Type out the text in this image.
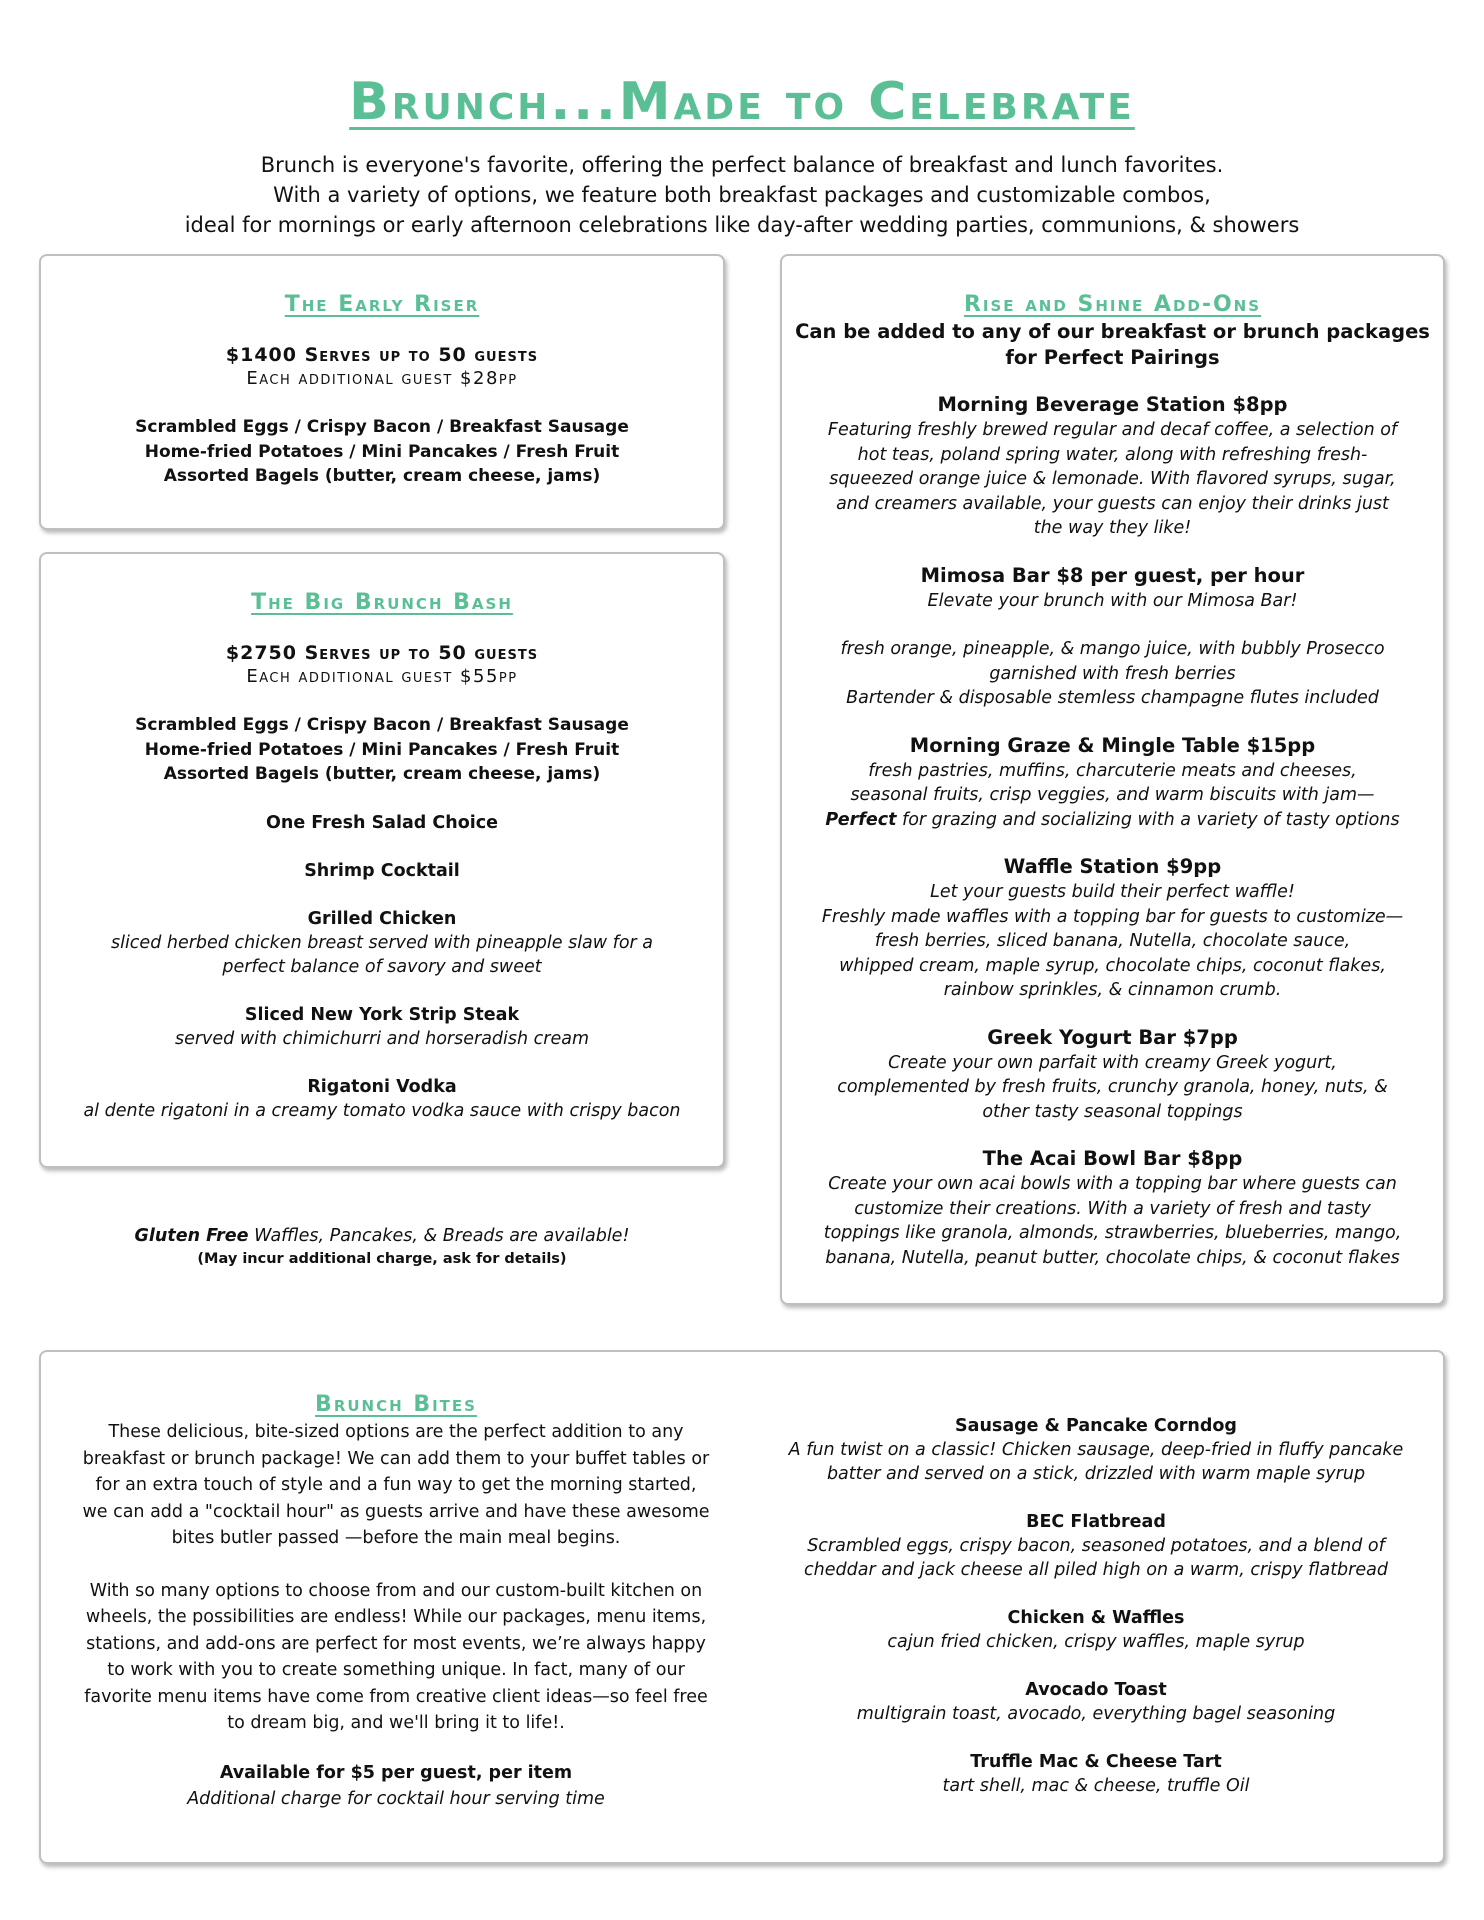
Brunch...Made to Celebrate
Brunch is everyone's favorite, offering the perfect balance of breakfast and lunch favorites.
With a variety of options, we feature both breakfast packages and customizable combos,
ideal for mornings or early afternoon celebrations like day-after wedding parties, communions, & showers
The Early Riser
$1400 Serves up to 50 guests
Each additional guest $28pp
Scrambled Eggs / Crispy Bacon / Breakfast Sausage
Home-fried Potatoes / Mini Pancakes / Fresh Fruit
Assorted Bagels (butter, cream cheese, jams)
The Big Brunch Bash
$2750 Serves up to 50 guests
Each additional guest $55pp
Scrambled Eggs / Crispy Bacon / Breakfast Sausage
Home-fried Potatoes / Mini Pancakes / Fresh Fruit
Assorted Bagels (butter, cream cheese, jams)
One Fresh Salad Choice
Shrimp Cocktail
Grilled Chicken
sliced herbed chicken breast served with pineapple slaw for a
perfect balance of savory and sweet
Sliced New York Strip Steak
served with chimichurri and horseradish cream
Rigatoni Vodka
al dente rigatoni in a creamy tomato vodka sauce with crispy bacon
Gluten Free Waffles, Pancakes, & Breads are available!
(May incur additional charge, ask for details)
Rise and Shine Add-Ons
Can be added to any of our breakfast or brunch packages
for Perfect Pairings
Morning Beverage Station $8pp
Featuring freshly brewed regular and decaf coffee, a selection of
hot teas, poland spring water, along with refreshing fresh-
squeezed orange juice & lemonade. With flavored syrups, sugar,
and creamers available, your guests can enjoy their drinks just
the way they like!
Mimosa Bar $8 per guest, per hour
Elevate your brunch with our Mimosa Bar!
fresh orange, pineapple, & mango juice, with bubbly Prosecco
garnished with fresh berries
Bartender & disposable stemless champagne flutes included
Morning Graze & Mingle Table $15pp
fresh pastries, muffins, charcuterie meats and cheeses,
seasonal fruits, crisp veggies, and warm biscuits with jam—
Perfect for grazing and socializing with a variety of tasty options
Waffle Station $9pp
Let your guests build their perfect waffle!
Freshly made waffles with a topping bar for guests to customize—
fresh berries, sliced banana, Nutella, chocolate sauce,
whipped cream, maple syrup, chocolate chips, coconut flakes,
rainbow sprinkles, & cinnamon crumb.
Greek Yogurt Bar $7pp
Create your own parfait with creamy Greek yogurt,
complemented by fresh fruits, crunchy granola, honey, nuts, &
other tasty seasonal toppings
The Acai Bowl Bar $8pp
Create your own acai bowls with a topping bar where guests can
customize their creations. With a variety of fresh and tasty
toppings like granola, almonds, strawberries, blueberries, mango,
banana, Nutella, peanut butter, chocolate chips, & coconut flakes
Brunch Bites
These delicious, bite-sized options are the perfect addition to any
breakfast or brunch package! We can add them to your buffet tables or
for an extra touch of style and a fun way to get the morning started,
we can add a "cocktail hour" as guests arrive and have these awesome
bites butler passed —before the main meal begins.
With so many options to choose from and our custom-built kitchen on
wheels, the possibilities are endless! While our packages, menu items,
stations, and add-ons are perfect for most events, we’re always happy
to work with you to create something unique. In fact, many of our
favorite menu items have come from creative client ideas—so feel free
to dream big, and we'll bring it to life!.
Available for $5 per guest, per item
Additional charge for cocktail hour serving time
Sausage & Pancake Corndog
A fun twist on a classic! Chicken sausage, deep-fried in fluffy pancake
batter and served on a stick, drizzled with warm maple syrup
BEC Flatbread
Scrambled eggs, crispy bacon, seasoned potatoes, and a blend of
cheddar and jack cheese all piled high on a warm, crispy flatbread
Chicken & Waffles
cajun fried chicken, crispy waffles, maple syrup
Avocado Toast
multigrain toast, avocado, everything bagel seasoning
Truffle Mac & Cheese Tart
tart shell, mac & cheese, truffle Oil
